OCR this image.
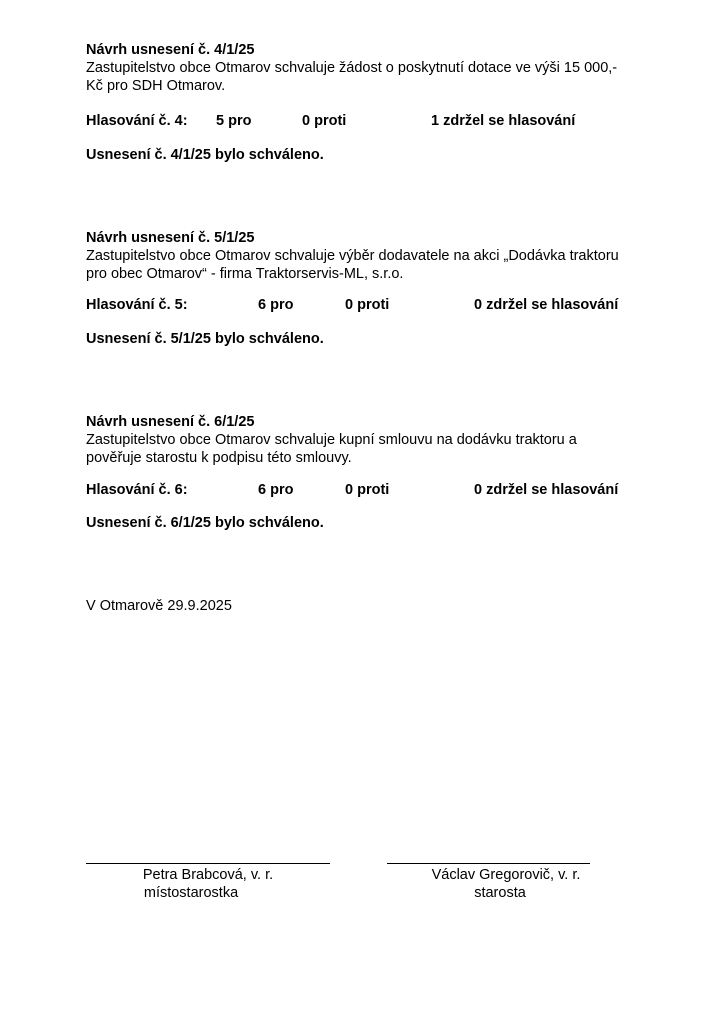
Návrh usnesení č. 4/1/25
Zastupitelstvo obce Otmarov schvaluje žádost o poskytnutí dotace ve výši 15 000,-
Kč pro SDH Otmarov.
Hlasování č. 4: 5 pro	0 proti	1 zdržel se hlasování
Usnesení č. 4/1/25 bylo schváleno.
Návrh usnesení č. 5/1/25
Zastupitelstvo obce Otmarov schvaluje výběr dodavatele na akci „Dodávka traktoru
pro obec Otmarov“ - firma Traktorservis-ML, s.r.o.
Hlasování č. 5:	6 pro	0 proti	0 zdržel se hlasování
Usnesení č. 5/1/25 bylo schváleno.
Návrh usnesení č. 6/1/25
Zastupitelstvo obce Otmarov schvaluje kupní smlouvu na dodávku traktoru a
pověřuje starostu k podpisu této smlouvy.
Hlasování č. 6:	6 pro	0 proti	0 zdržel se hlasování
Usnesení č. 6/1/25 bylo schváleno.
V Otmarově 29.9.2025
Petra Brabcová, v. r.
místostarostka
Václav Gregorovič, v. r.
starosta
